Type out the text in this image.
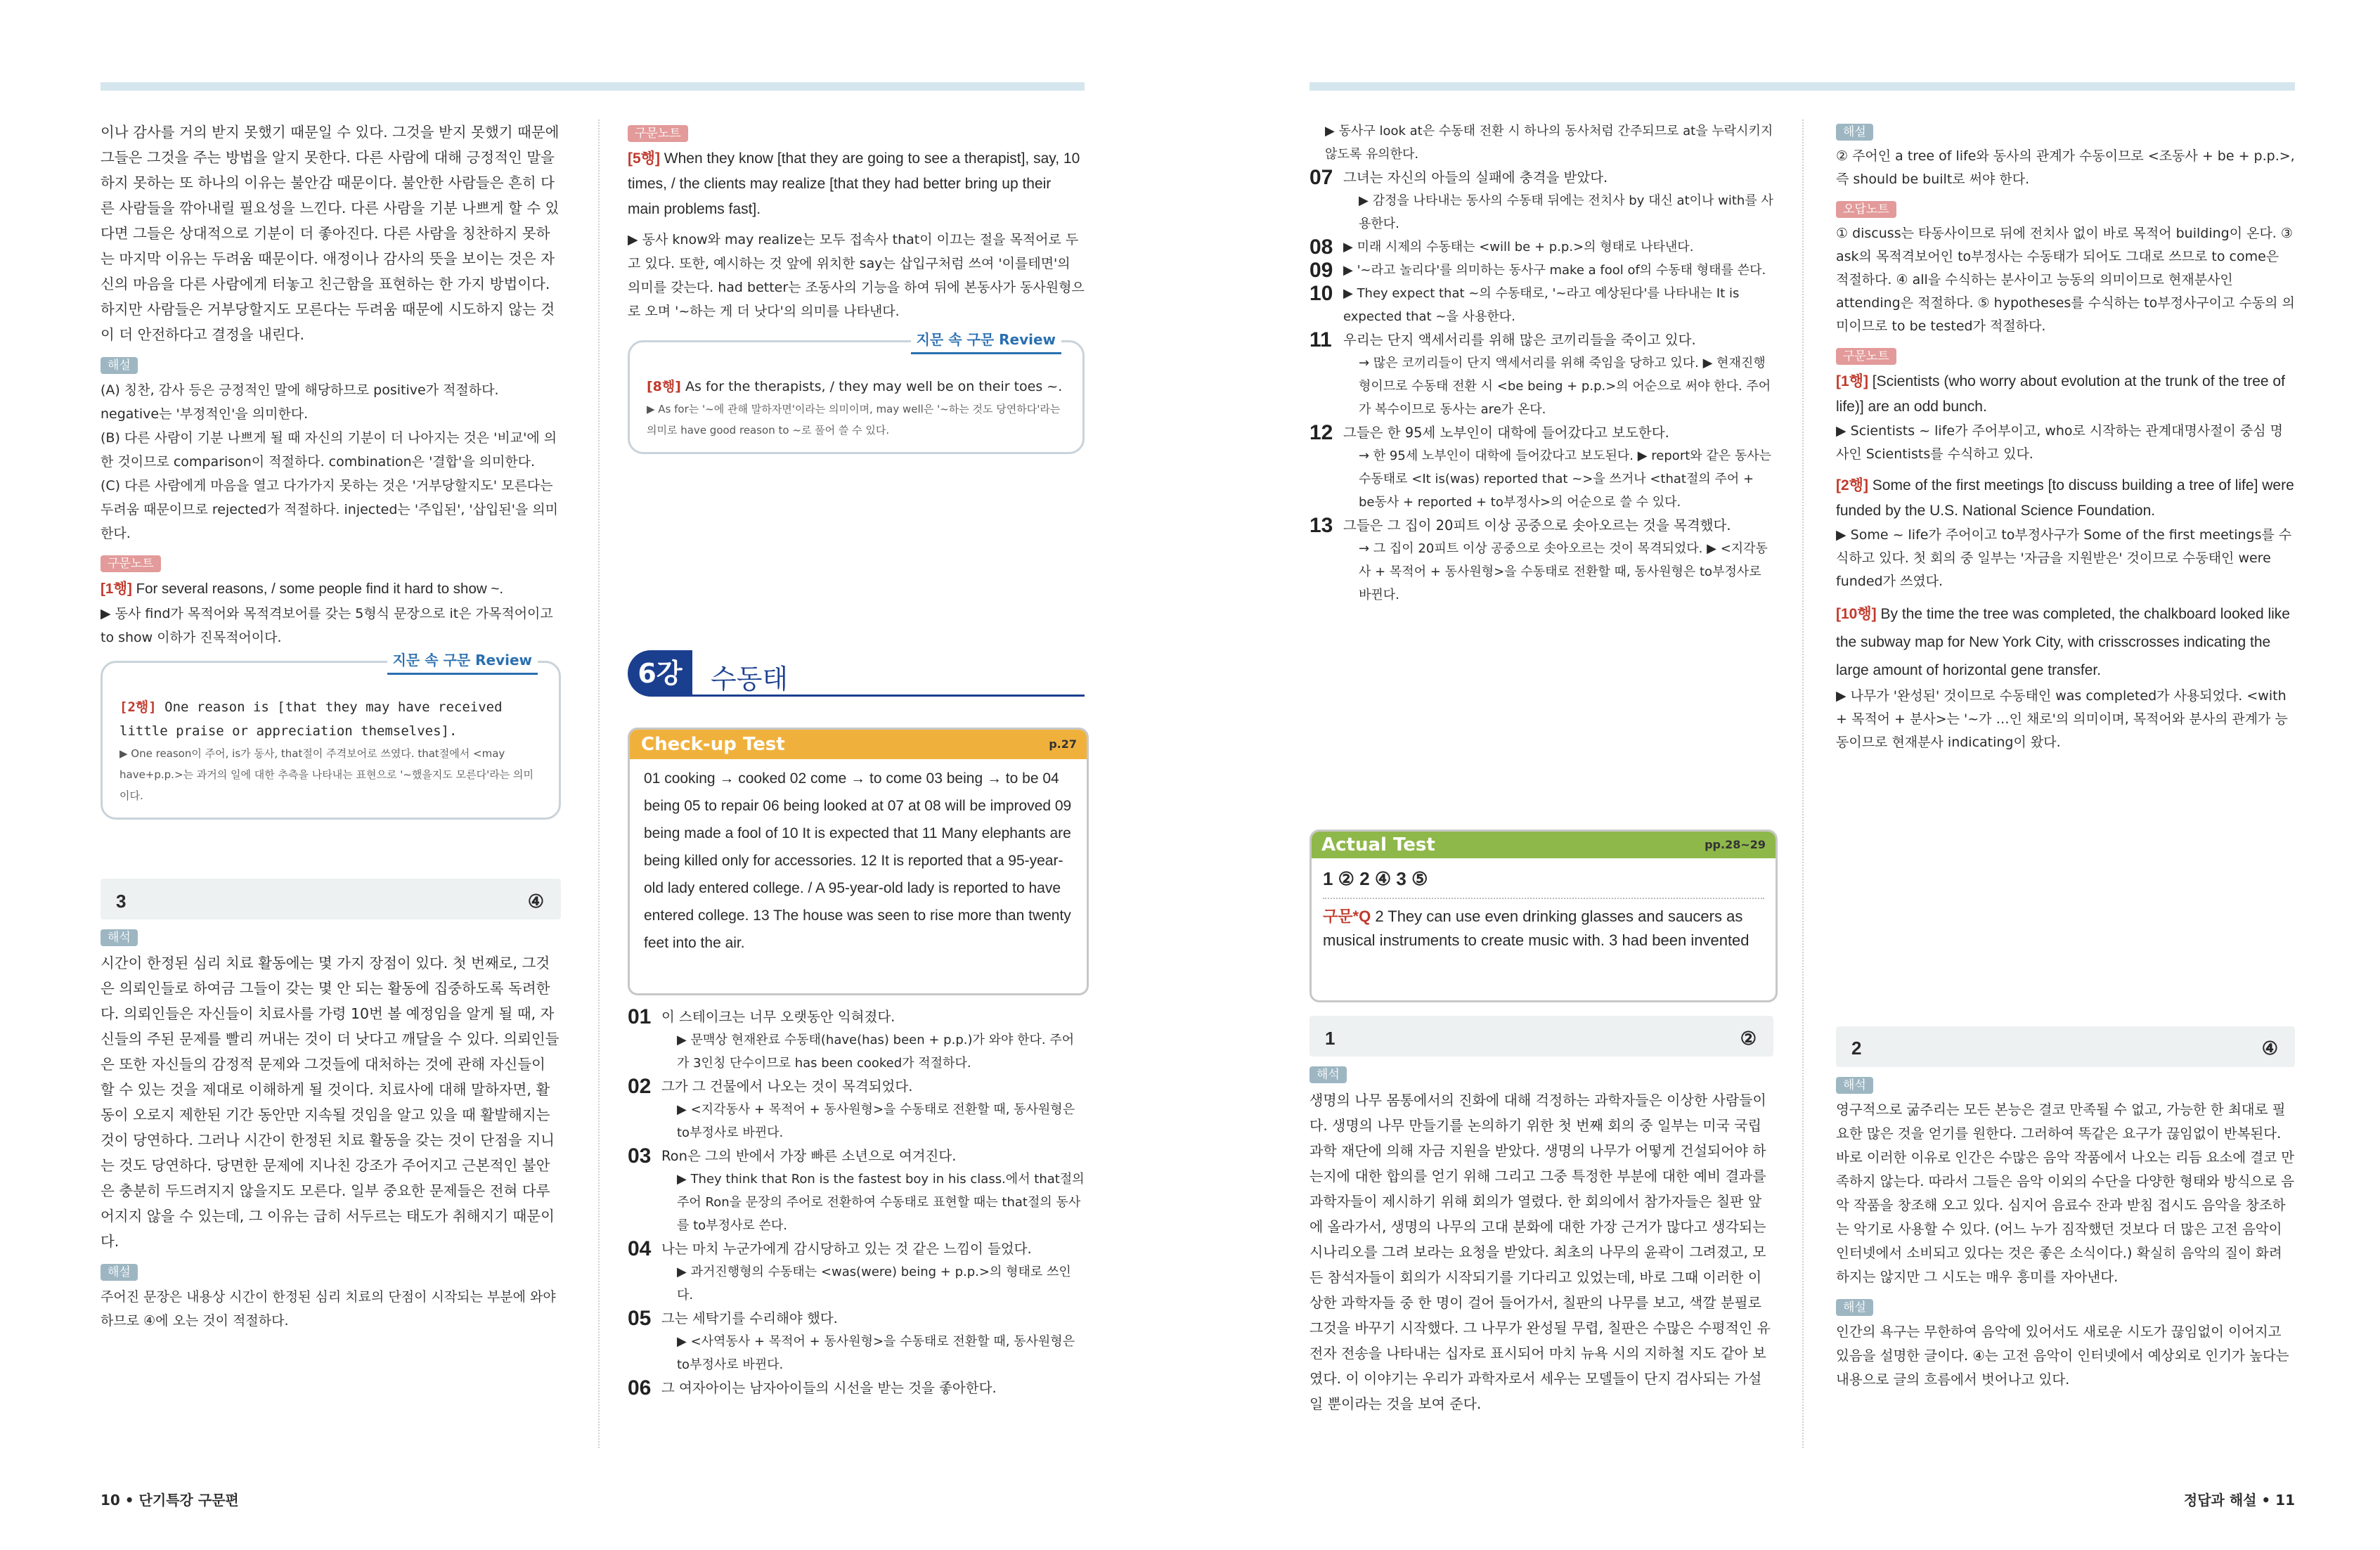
이나 감사를 거의 받지 못했기 때문일 수 있다. 그것을 받지 못했기 때문에 그들은 그것을 주는 방법을 알지 못한다. 다른 사람에 대해 긍정적인 말을 하지 못하는 또 하나의 이유는 불안감 때문이다. 불안한 사람들은 흔히 다른 사람들을 깎아내릴 필요성을 느낀다. 다른 사람을 기분 나쁘게 할 수 있다면 그들은 상대적으로 기분이 더 좋아진다. 다른 사람을 칭찬하지 못하는 마지막 이유는 두려움 때문이다. 애정이나 감사의 뜻을 보이는 것은 자신의 마음을 다른 사람에게 터놓고 친근함을 표현하는 한 가지 방법이다. 하지만 사람들은 거부당할지도 모른다는 두려움 때문에 시도하지 않는 것이 더 안전하다고 결정을 내린다.

해설

(A) 칭찬, 감사 등은 긍정적인 말에 해당하므로 positive가 적절하다. negative는 '부정적인'을 의미한다.

(B) 다른 사람이 기분 나쁘게 될 때 자신의 기분이 더 나아지는 것은 '비교'에 의한 것이므로 comparison이 적절하다. combination은 '결합'을 의미한다.

(C) 다른 사람에게 마음을 열고 다가가지 못하는 것은 '거부당할지도' 모른다는 두려움 때문이므로 rejected가 적절하다. injected는 '주입된', '삽입된'을 의미한다.

구문노트

[1행] For several reasons, / some people find it hard to show ~.

▶ 동사 find가 목적어와 목적격보어를 갖는 5형식 문장으로 it은 가목적어이고 to show 이하가 진목적어이다.

지문 속 구문 Review

[2행] One reason is [that they may have received little praise or appreciation themselves].

▶ One reason이 주어, is가 동사, that절이 주격보어로 쓰였다. that절에서 <may have+p.p.>는 과거의 일에 대한 추측을 나타내는 표현으로 '~했을지도 모른다'라는 의미이다.

3	④
해석

시간이 한정된 심리 치료 활동에는 몇 가지 장점이 있다. 첫 번째로, 그것은 의뢰인들로 하여금 그들이 갖는 몇 안 되는 활동에 집중하도록 독려한다. 의뢰인들은 자신들이 치료사를 가령 10번 볼 예정임을 알게 될 때, 자신들의 주된 문제를 빨리 꺼내는 것이 더 낫다고 깨달을 수 있다. 의뢰인들은 또한 자신들의 감정적 문제와 그것들에 대처하는 것에 관해 자신들이 할 수 있는 것을 제대로 이해하게 될 것이다. 치료사에 대해 말하자면, 활동이 오로지 제한된 기간 동안만 지속될 것임을 알고 있을 때 활발해지는 것이 당연하다. 그러나 시간이 한정된 치료 활동을 갖는 것이 단점을 지니는 것도 당연하다. 당면한 문제에 지나친 강조가 주어지고 근본적인 불안은 충분히 두드려지지 않을지도 모른다. 일부 중요한 문제들은 전혀 다루어지지 않을 수 있는데, 그 이유는 급히 서두르는 태도가 취해지기 때문이다.

해설

주어진 문장은 내용상 시간이 한정된 심리 치료의 단점이 시작되는 부분에 와야 하므로 ④에 오는 것이 적절하다.

구문노트

[5행] When they know [that they are going to see a therapist], say, 10 times, / the clients may realize [that they had better bring up their main problems fast].

▶ 동사 know와 may realize는 모두 접속사 that이 이끄는 절을 목적어로 두고 있다. 또한, 예시하는 것 앞에 위치한 say는 삽입구처럼 쓰여 '이를테면'의 의미를 갖는다. had better는 조동사의 기능을 하여 뒤에 본동사가 동사원형으로 오며 '~하는 게 더 낫다'의 의미를 나타낸다.

지문 속 구문 Review

[8행] As for the therapists, / they may well be on their toes ~.

▶ As for는 '~에 관해 말하자면'이라는 의미이며, may well은 '~하는 것도 당연하다'라는 의미로 have good reason to ~로 풀어 쓸 수 있다.

6강	수동태
Check-up Test	p.27
01 cooking → cooked 02 come → to come 03 being → to be 04 being 05 to repair 06 being looked at 07 at 08 will be improved 09 being made a fool of 10 It is expected that 11 Many elephants are being killed only for accessories. 12 It is reported that a 95-year-old lady entered college. / A 95-year-old lady is reported to have entered college. 13 The house was seen to rise more than twenty feet into the air.
01 이 스테이크는 너무 오랫동안 익혀졌다.
▶ 문맥상 현재완료 수동태(have(has) been + p.p.)가 와야 한다. 주어가 3인칭 단수이므로 has been cooked가 적절하다.
02 그가 그 건물에서 나오는 것이 목격되었다.
▶ <지각동사 + 목적어 + 동사원형>을 수동태로 전환할 때, 동사원형은 to부정사로 바뀐다.
03 Ron은 그의 반에서 가장 빠른 소년으로 여겨진다.
▶ They think that Ron is the fastest boy in his class.에서 that절의 주어 Ron을 문장의 주어로 전환하여 수동태로 표현할 때는 that절의 동사를 to부정사로 쓴다.
04 나는 마치 누군가에게 감시당하고 있는 것 같은 느낌이 들었다.
▶ 과거진행형의 수동태는 <was(were) being + p.p.>의 형태로 쓰인다.
05 그는 세탁기를 수리해야 했다.
▶ <사역동사 + 목적어 + 동사원형>을 수동태로 전환할 때, 동사원형은 to부정사로 바뀐다.
06 그 여자아이는 남자아이들의 시선을 받는 것을 좋아한다.
10 • 단기특강 구문편

▶ 동사구 look at은 수동태 전환 시 하나의 동사처럼 간주되므로 at을 누락시키지 않도록 유의한다.

07 그녀는 자신의 아들의 실패에 충격을 받았다.
▶ 감정을 나타내는 동사의 수동태 뒤에는 전치사 by 대신 at이나 with를 사용한다.
08 ▶ 미래 시제의 수동태는 <will be + p.p.>의 형태로 나타낸다.
09 ▶ '~라고 놀리다'를 의미하는 동사구 make a fool of의 수동태 형태를 쓴다.
10 ▶ They expect that ~의 수동태로, '~라고 예상된다'를 나타내는 It is expected that ~을 사용한다.
11 우리는 단지 액세서리를 위해 많은 코끼리들을 죽이고 있다.
→ 많은 코끼리들이 단지 액세서리를 위해 죽임을 당하고 있다. ▶ 현재진행형이므로 수동태 전환 시 <be being + p.p.>의 어순으로 써야 한다. 주어가 복수이므로 동사는 are가 온다.
12 그들은 한 95세 노부인이 대학에 들어갔다고 보도한다.
→ 한 95세 노부인이 대학에 들어갔다고 보도된다. ▶ report와 같은 동사는 수동태로 <It is(was) reported that ~>을 쓰거나 <that절의 주어 + be동사 + reported + to부정사>의 어순으로 쓸 수 있다.
13 그들은 그 집이 20피트 이상 공중으로 솟아오르는 것을 목격했다.
→ 그 집이 20피트 이상 공중으로 솟아오르는 것이 목격되었다. ▶ <지각동사 + 목적어 + 동사원형>을 수동태로 전환할 때, 동사원형은 to부정사로 바뀐다.
Actual Test	pp.28~29
1 ② 2 ④ 3 ⑤
구문*Q 2 They can use even drinking glasses and saucers as musical instruments to create music with. 3 had been invented
1	②
해석

생명의 나무 몸통에서의 진화에 대해 걱정하는 과학자들은 이상한 사람들이다. 생명의 나무 만들기를 논의하기 위한 첫 번째 회의 중 일부는 미국 국립 과학 재단에 의해 자금 지원을 받았다. 생명의 나무가 어떻게 건설되어야 하는지에 대한 합의를 얻기 위해 그리고 그중 특정한 부분에 대한 예비 결과를 과학자들이 제시하기 위해 회의가 열렸다. 한 회의에서 참가자들은 칠판 앞에 올라가서, 생명의 나무의 고대 분화에 대한 가장 근거가 많다고 생각되는 시나리오를 그려 보라는 요청을 받았다. 최초의 나무의 윤곽이 그려졌고, 모든 참석자들이 회의가 시작되기를 기다리고 있었는데, 바로 그때 이러한 이상한 과학자들 중 한 명이 걸어 들어가서, 칠판의 나무를 보고, 색깔 분필로 그것을 바꾸기 시작했다. 그 나무가 완성될 무렵, 칠판은 수많은 수평적인 유전자 전송을 나타내는 십자로 표시되어 마치 뉴욕 시의 지하철 지도 같아 보였다. 이 이야기는 우리가 과학자로서 세우는 모델들이 단지 검사되는 가설일 뿐이라는 것을 보여 준다.

해설

② 주어인 a tree of life와 동사의 관계가 수동이므로 <조동사 + be + p.p.>, 즉 should be built로 써야 한다.

오답노트

① discuss는 타동사이므로 뒤에 전치사 없이 바로 목적어 building이 온다. ③ ask의 목적격보어인 to부정사는 수동태가 되어도 그대로 쓰므로 to come은 적절하다. ④ all을 수식하는 분사이고 능동의 의미이므로 현재분사인 attending은 적절하다. ⑤ hypotheses를 수식하는 to부정사구이고 수동의 의미이므로 to be tested가 적절하다.

구문노트

[1행] [Scientists (who worry about evolution at the trunk of the tree of life)] are an odd bunch.

▶ Scientists ~ life가 주어부이고, who로 시작하는 관계대명사절이 중심 명사인 Scientists를 수식하고 있다.

[2행] Some of the first meetings [to discuss building a tree of life] were funded by the U.S. National Science Foundation.

▶ Some ~ life가 주어이고 to부정사구가 Some of the first meetings를 수식하고 있다. 첫 회의 중 일부는 '자금을 지원받은' 것이므로 수동태인 were funded가 쓰였다.

[10행] By the time the tree was completed, the chalkboard looked like the subway map for New York City, with crisscrosses indicating the large amount of horizontal gene transfer.

▶ 나무가 '완성된' 것이므로 수동태인 was completed가 사용되었다. <with + 목적어 + 분사>는 '~가 …인 채로'의 의미이며, 목적어와 분사의 관계가 능동이므로 현재분사 indicating이 왔다.

2	④
해석

영구적으로 굶주리는 모든 본능은 결코 만족될 수 없고, 가능한 한 최대로 필요한 많은 것을 얻기를 원한다. 그러하여 똑같은 요구가 끊임없이 반복된다. 바로 이러한 이유로 인간은 수많은 음악 작품에서 나오는 리듬 요소에 결코 만족하지 않는다. 따라서 그들은 음악 이외의 수단을 다양한 형태와 방식으로 음악 작품을 창조해 오고 있다. 심지어 음료수 잔과 받침 접시도 음악을 창조하는 악기로 사용할 수 있다. (어느 누가 짐작했던 것보다 더 많은 고전 음악이 인터넷에서 소비되고 있다는 것은 좋은 소식이다.) 확실히 음악의 질이 화려하지는 않지만 그 시도는 매우 흥미를 자아낸다.

해설

인간의 욕구는 무한하여 음악에 있어서도 새로운 시도가 끊임없이 이어지고 있음을 설명한 글이다. ④는 고전 음악이 인터넷에서 예상외로 인기가 높다는 내용으로 글의 흐름에서 벗어나고 있다.

정답과 해설 • 11
